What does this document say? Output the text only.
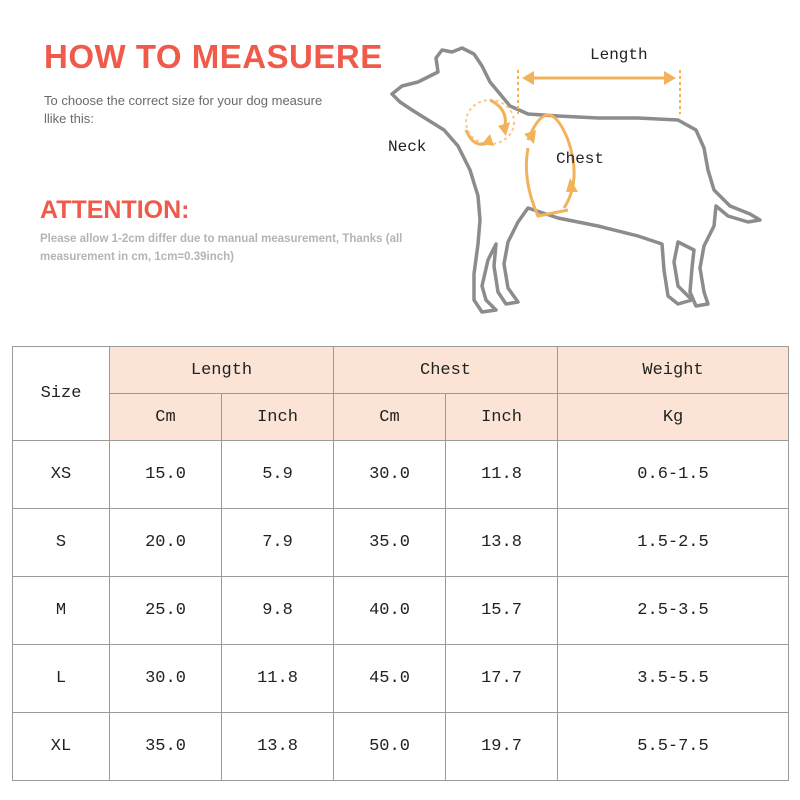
HOW TO MEASUERE
To choose the correct size for your dog measure llike this:
ATTENTION:
Please allow 1-2cm differ due to manual measurement, Thanks (all measurement in cm, 1cm=0.39inch)
Length
Neck
Chest
Size	Length		Chest		Weight
	Cm	Inch	Cm	Inch	Kg
XS	15.0	5.9	30.0	11.8	0.6-1.5
S	20.0	7.9	35.0	13.8	1.5-2.5
M	25.0	9.8	40.0	15.7	2.5-3.5
L	30.0	11.8	45.0	17.7	3.5-5.5
XL	35.0	13.8	50.0	19.7	5.5-7.5
